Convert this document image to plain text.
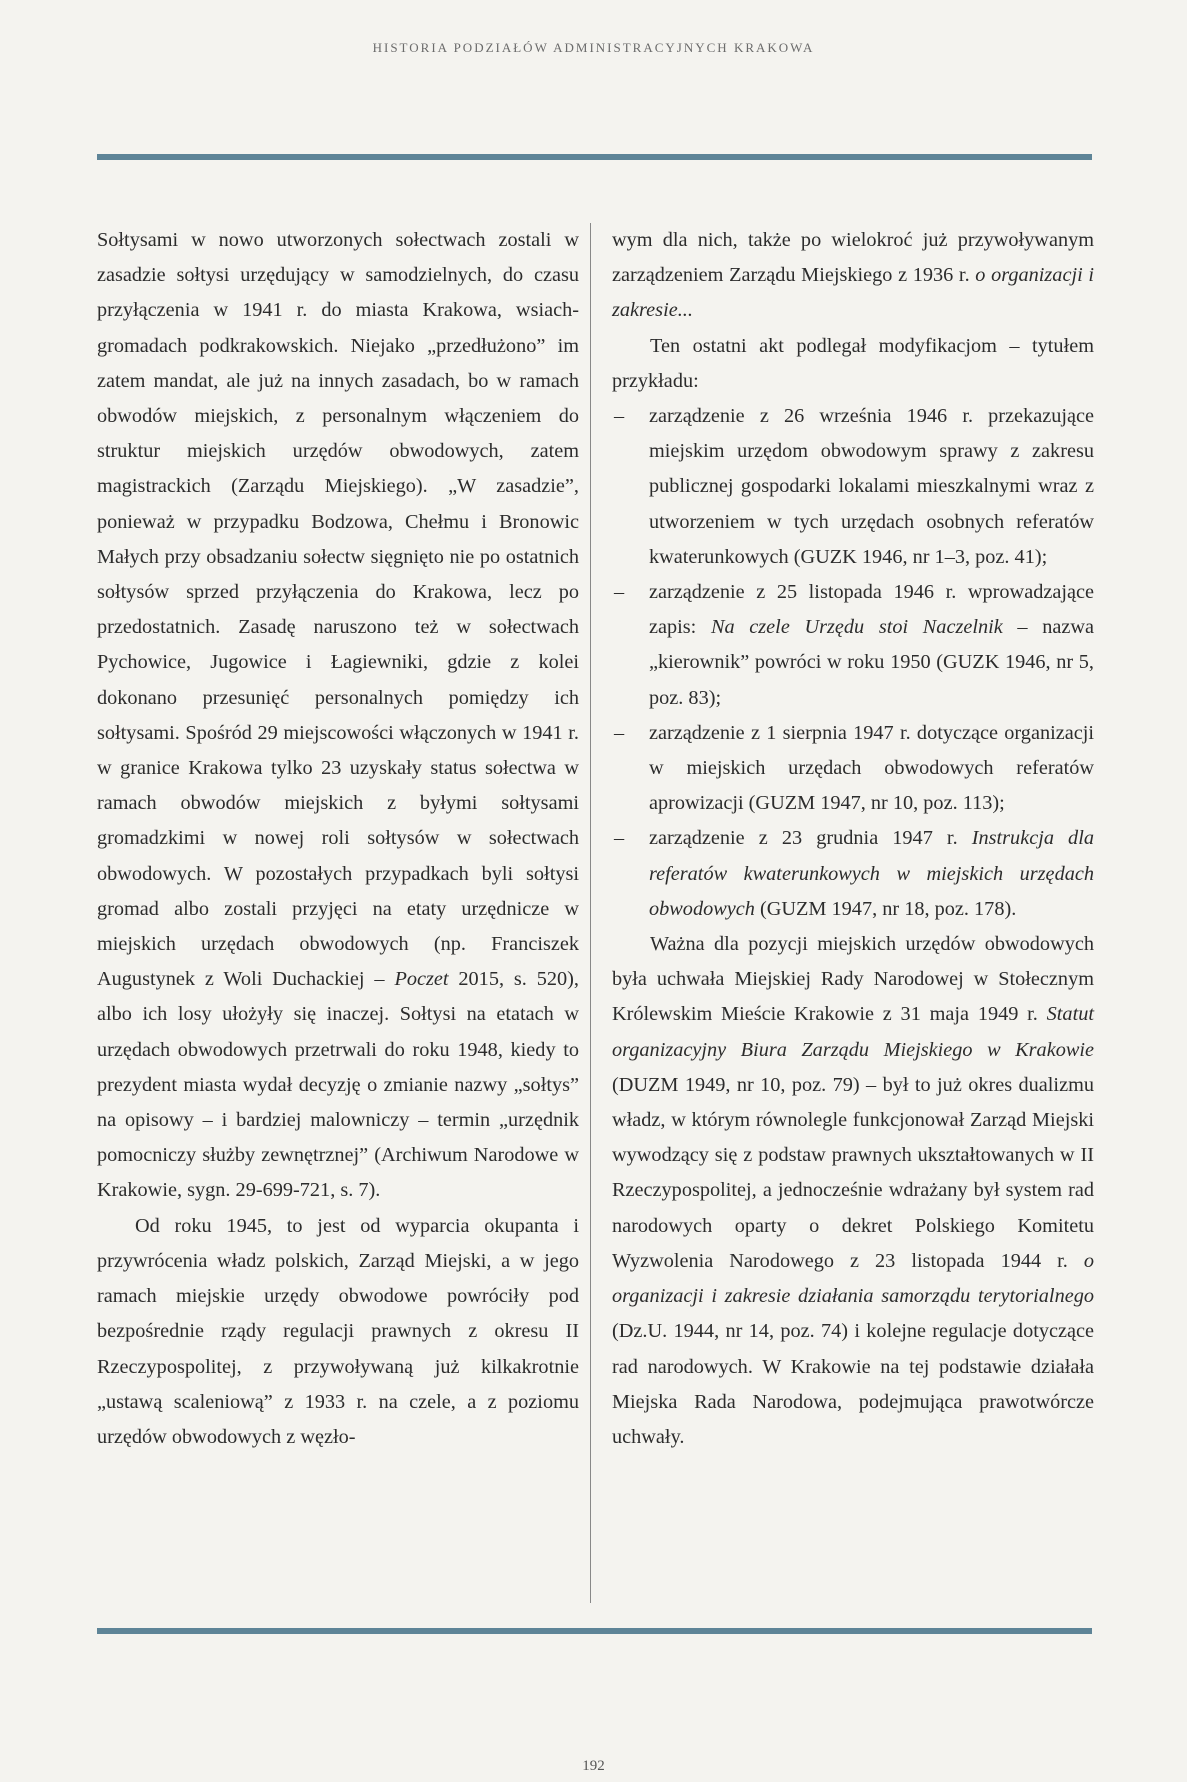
HISTORIA PODZIAŁÓW ADMINISTRACYJNYCH KRAKOWA

Sołtysami w nowo utworzonych sołectwach zostali w zasadzie sołtysi urzędujący w samodzielnych, do czasu przyłączenia w 1941 r. do miasta Krakowa, wsiach-gromadach podkrakowskich. Niejako „przedłużono” im zatem mandat, ale już na innych zasadach, bo w ramach obwodów miejskich, z personalnym włączeniem do struktur miejskich urzędów obwodowych, zatem magistrackich (Zarządu Miejskiego). „W zasadzie”, ponieważ w przypadku Bodzowa, Chełmu i Bronowic Małych przy obsadzaniu sołectw sięgnięto nie po ostatnich sołtysów sprzed przyłączenia do Krakowa, lecz po przedostatnich. Zasadę naruszono też w sołectwach Pychowice, Jugowice i Łagiewniki, gdzie z kolei dokonano przesunięć personalnych pomiędzy ich sołtysami. Spośród 29 miejscowości włączonych w 1941 r. w granice Krakowa tylko 23 uzyskały status sołectwa w ramach obwodów miejskich z byłymi sołtysami gromadzkimi w nowej roli sołtysów w sołectwach obwodowych. W pozostałych przypadkach byli sołtysi gromad albo zostali przyjęci na etaty urzędnicze w miejskich urzędach obwodowych (np. Franciszek Augustynek z Woli Duchackiej – Poczet 2015, s. 520), albo ich losy ułożyły się inaczej. Sołtysi na etatach w urzędach obwodowych przetrwali do roku 1948, kiedy to prezydent miasta wydał decyzję o zmianie nazwy „sołtys” na opisowy – i bardziej malowniczy – termin „urzędnik pomocniczy służby zewnętrznej” (Archiwum Narodowe w Krakowie, sygn. 29-699-721, s. 7).

Od roku 1945, to jest od wyparcia okupanta i przywrócenia władz polskich, Zarząd Miejski, a w jego ramach miejskie urzędy obwodowe powróciły pod bezpośrednie rządy regulacji prawnych z okresu II Rzeczypospolitej, z przywoływaną już kilkakrotnie „ustawą scaleniową” z 1933 r. na czele, a z poziomu urzędów obwodowych z węzło-

wym dla nich, także po wielokroć już przywoływanym zarządzeniem Zarządu Miejskiego z 1936 r. o organizacji i zakresie...

Ten ostatni akt podlegał modyfikacjom – tytułem przykładu:

– zarządzenie z 26 września 1946 r. przekazujące miejskim urzędom obwodowym sprawy z zakresu publicznej gospodarki lokalami mieszkalnymi wraz z utworzeniem w tych urzędach osobnych referatów kwaterunkowych (GUZK 1946, nr 1–3, poz. 41);
– zarządzenie z 25 listopada 1946 r. wprowadzające zapis: Na czele Urzędu stoi Naczelnik – nazwa „kierownik” powróci w roku 1950 (GUZK 1946, nr 5, poz. 83);
– zarządzenie z 1 sierpnia 1947 r. dotyczące organizacji w miejskich urzędach obwodowych referatów aprowizacji (GUZM 1947, nr 10, poz. 113);
– zarządzenie z 23 grudnia 1947 r. Instrukcja dla referatów kwaterunkowych w miejskich urzędach obwodowych (GUZM 1947, nr 18, poz. 178).

Ważna dla pozycji miejskich urzędów obwodowych była uchwała Miejskiej Rady Narodowej w Stołecznym Królewskim Mieście Krakowie z 31 maja 1949 r. Statut organizacyjny Biura Zarządu Miejskiego w Krakowie (DUZM 1949, nr 10, poz. 79) – był to już okres dualizmu władz, w którym równolegle funkcjonował Zarząd Miejski wywodzący się z podstaw prawnych ukształtowanych w II Rzeczypospolitej, a jednocześnie wdrażany był system rad narodowych oparty o dekret Polskiego Komitetu Wyzwolenia Narodowego z 23 listopada 1944 r. o organizacji i zakresie działania samorządu terytorialnego (Dz.U. 1944, nr 14, poz. 74) i kolejne regulacje dotyczące rad narodowych. W Krakowie na tej podstawie działała Miejska Rada Narodowa, podejmująca prawotwórcze uchwały.

192
